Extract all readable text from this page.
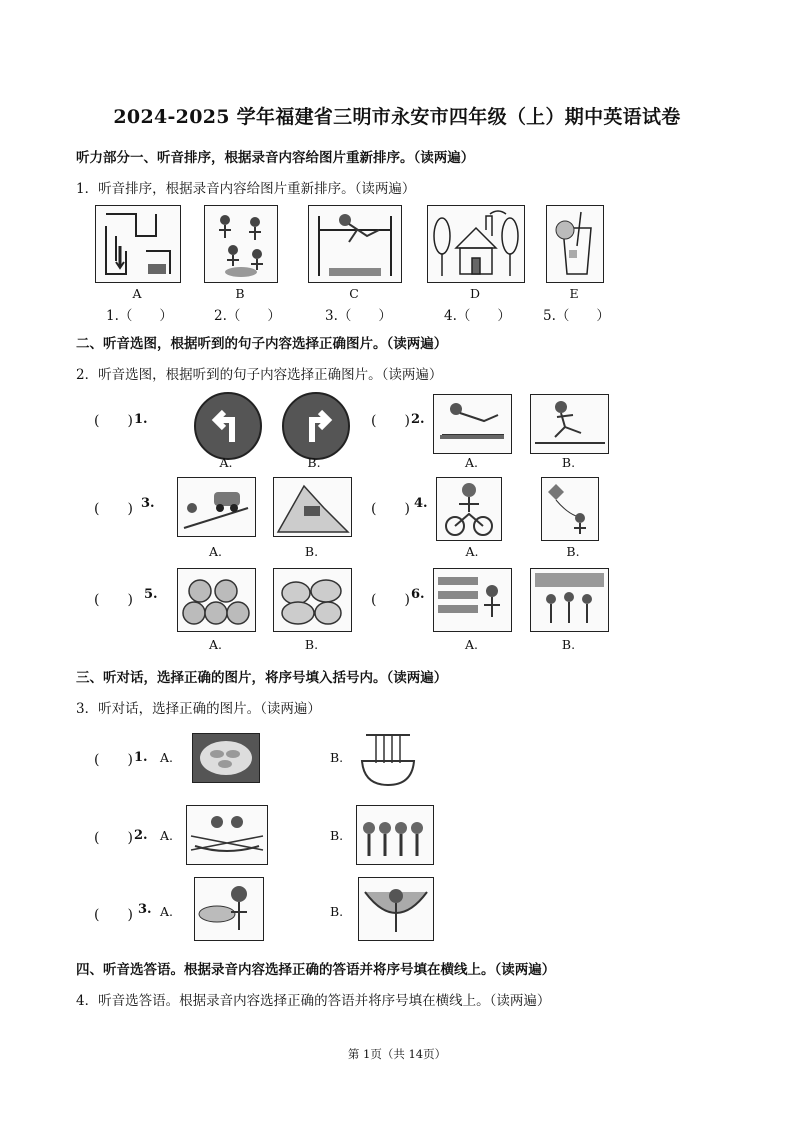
2024-2025 学年福建省三明市永安市四年级（上）期中英语试卷
听力部分一、听音排序，根据录音内容给图片重新排序。（读两遍）
1．听音排序，根据录音内容给图片重新排序。（读两遍）
A	B	C	D	E
1.（　　）	2.（　　）	3.（　　）	4.（　　）	5.（　　）
二、听音选图，根据听到的句子内容选择正确图片。（读两遍）
2．听音选图，根据听到的句子内容选择正确图片。（读两遍）
(　　) 1.
A.	B.
(　　) 2.
A.	B.
(　　) 3.
A.	B.
(　　) 4.
A.	B.
(　　) 5.
A.	B.
(　　) 6.
A.	B.
三、听对话，选择正确的图片，将序号填入括号内。（读两遍）
3．听对话，选择正确的图片。（读两遍）
(　　) 1. A.	B.
(　　) 2. A.	B.
(　　) 3. A.	B.
四、听音选答语。根据录音内容选择正确的答语并将序号填在横线上。（读两遍）
4．听音选答语。根据录音内容选择正确的答语并将序号填在横线上。（读两遍）
第 1页（共 14页）
